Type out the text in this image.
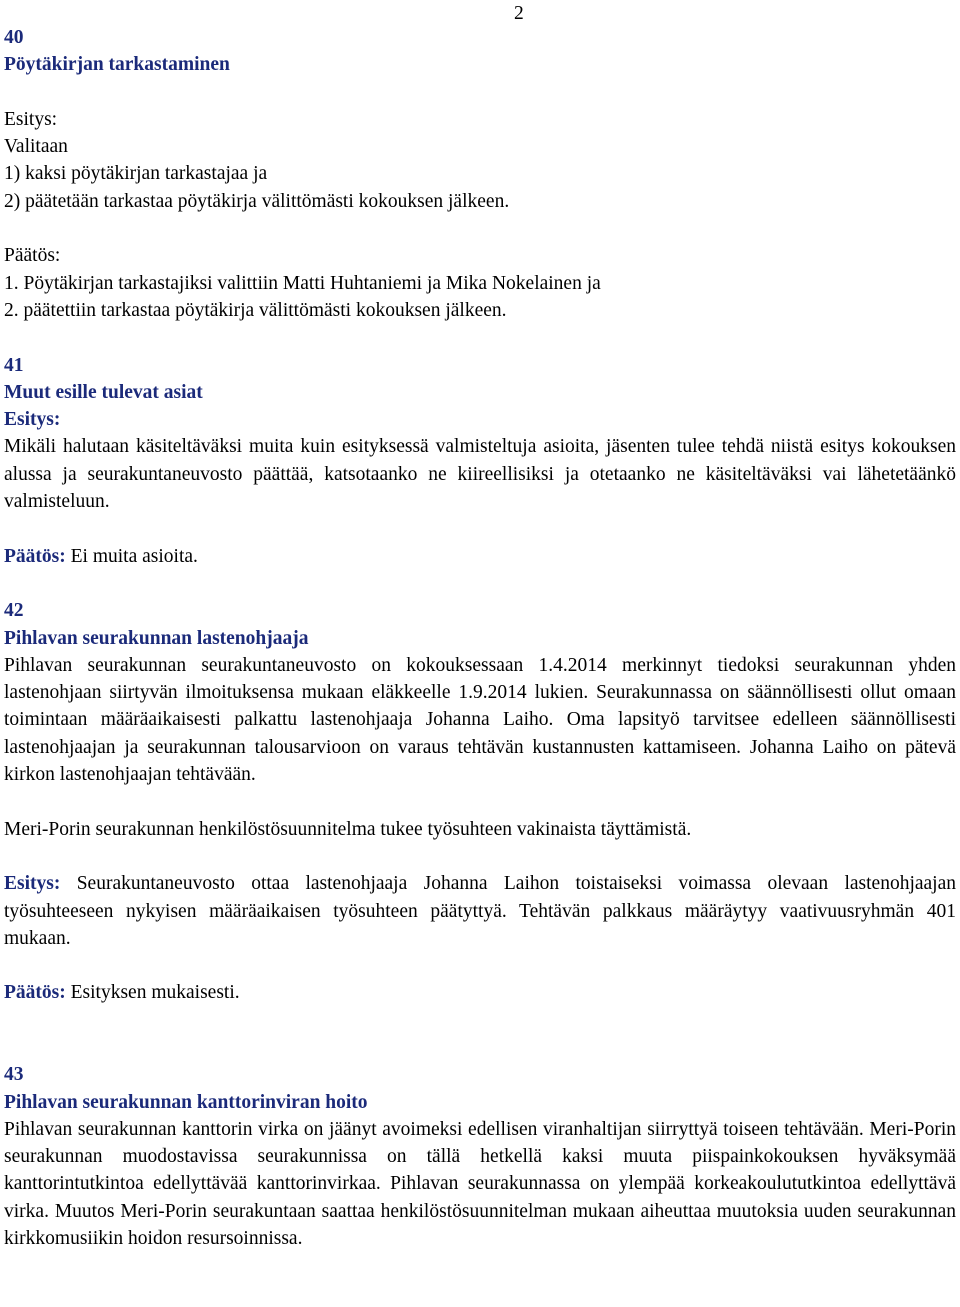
2

40

Pöytäkirjan tarkastaminen

Esitys:

Valitaan

1) kaksi pöytäkirjan tarkastajaa ja

2) päätetään tarkastaa pöytäkirja välittömästi kokouksen jälkeen.

Päätös:

1. Pöytäkirjan tarkastajiksi valittiin Matti Huhtaniemi ja Mika Nokelainen ja

2. päätettiin tarkastaa pöytäkirja välittömästi kokouksen jälkeen.

41

Muut esille tulevat asiat

Esitys:

Mikäli halutaan käsiteltäväksi muita kuin esityksessä valmisteltuja asioita, jäsenten tulee tehdä niistä esitys kokouksen alussa ja seurakuntaneuvosto päättää, katsotaanko ne kiireellisiksi ja otetaanko ne käsiteltäväksi vai lähetetäänkö valmisteluun.

Päätös: Ei muita asioita.

42

Pihlavan seurakunnan lastenohjaaja

Pihlavan seurakunnan seurakuntaneuvosto on kokouksessaan 1.4.2014 merkinnyt tiedoksi seurakunnan yhden lastenohjaan siirtyvän ilmoituksensa mukaan eläkkeelle 1.9.2014 lukien. Seurakunnassa on säännöllisesti ollut omaan toimintaan määräaikaisesti palkattu lastenohjaaja Johanna Laiho. Oma lapsityö tarvitsee edelleen säännöllisesti lastenohjaajan ja seurakunnan talousarvioon on varaus tehtävän kustannusten kattamiseen. Johanna Laiho on pätevä kirkon lastenohjaajan tehtävään.

Meri-Porin seurakunnan henkilöstösuunnitelma tukee työsuhteen vakinaista täyttämistä.

Esitys: Seurakuntaneuvosto ottaa lastenohjaaja Johanna Laihon toistaiseksi voimassa olevaan lastenohjaajan työsuhteeseen nykyisen määräaikaisen työsuhteen päätyttyä. Tehtävän palkkaus määräytyy vaativuusryhmän 401 mukaan.

Päätös: Esityksen mukaisesti.

43

Pihlavan seurakunnan kanttorinviran hoito

Pihlavan seurakunnan kanttorin virka on jäänyt avoimeksi edellisen viranhaltijan siirryttyä toiseen tehtävään. Meri-Porin seurakunnan muodostavissa seurakunnissa on tällä hetkellä kaksi muuta piispainkokouksen hyväksymää kanttorintutkintoa edellyttävää kanttorinvirkaa. Pihlavan seurakunnassa on ylempää korkeakoulututkintoa edellyttävä virka. Muutos Meri-Porin seurakuntaan saattaa henkilöstösuunnitelman mukaan aiheuttaa muutoksia uuden seurakunnan kirkkomusiikin hoidon resursoinnissa.
